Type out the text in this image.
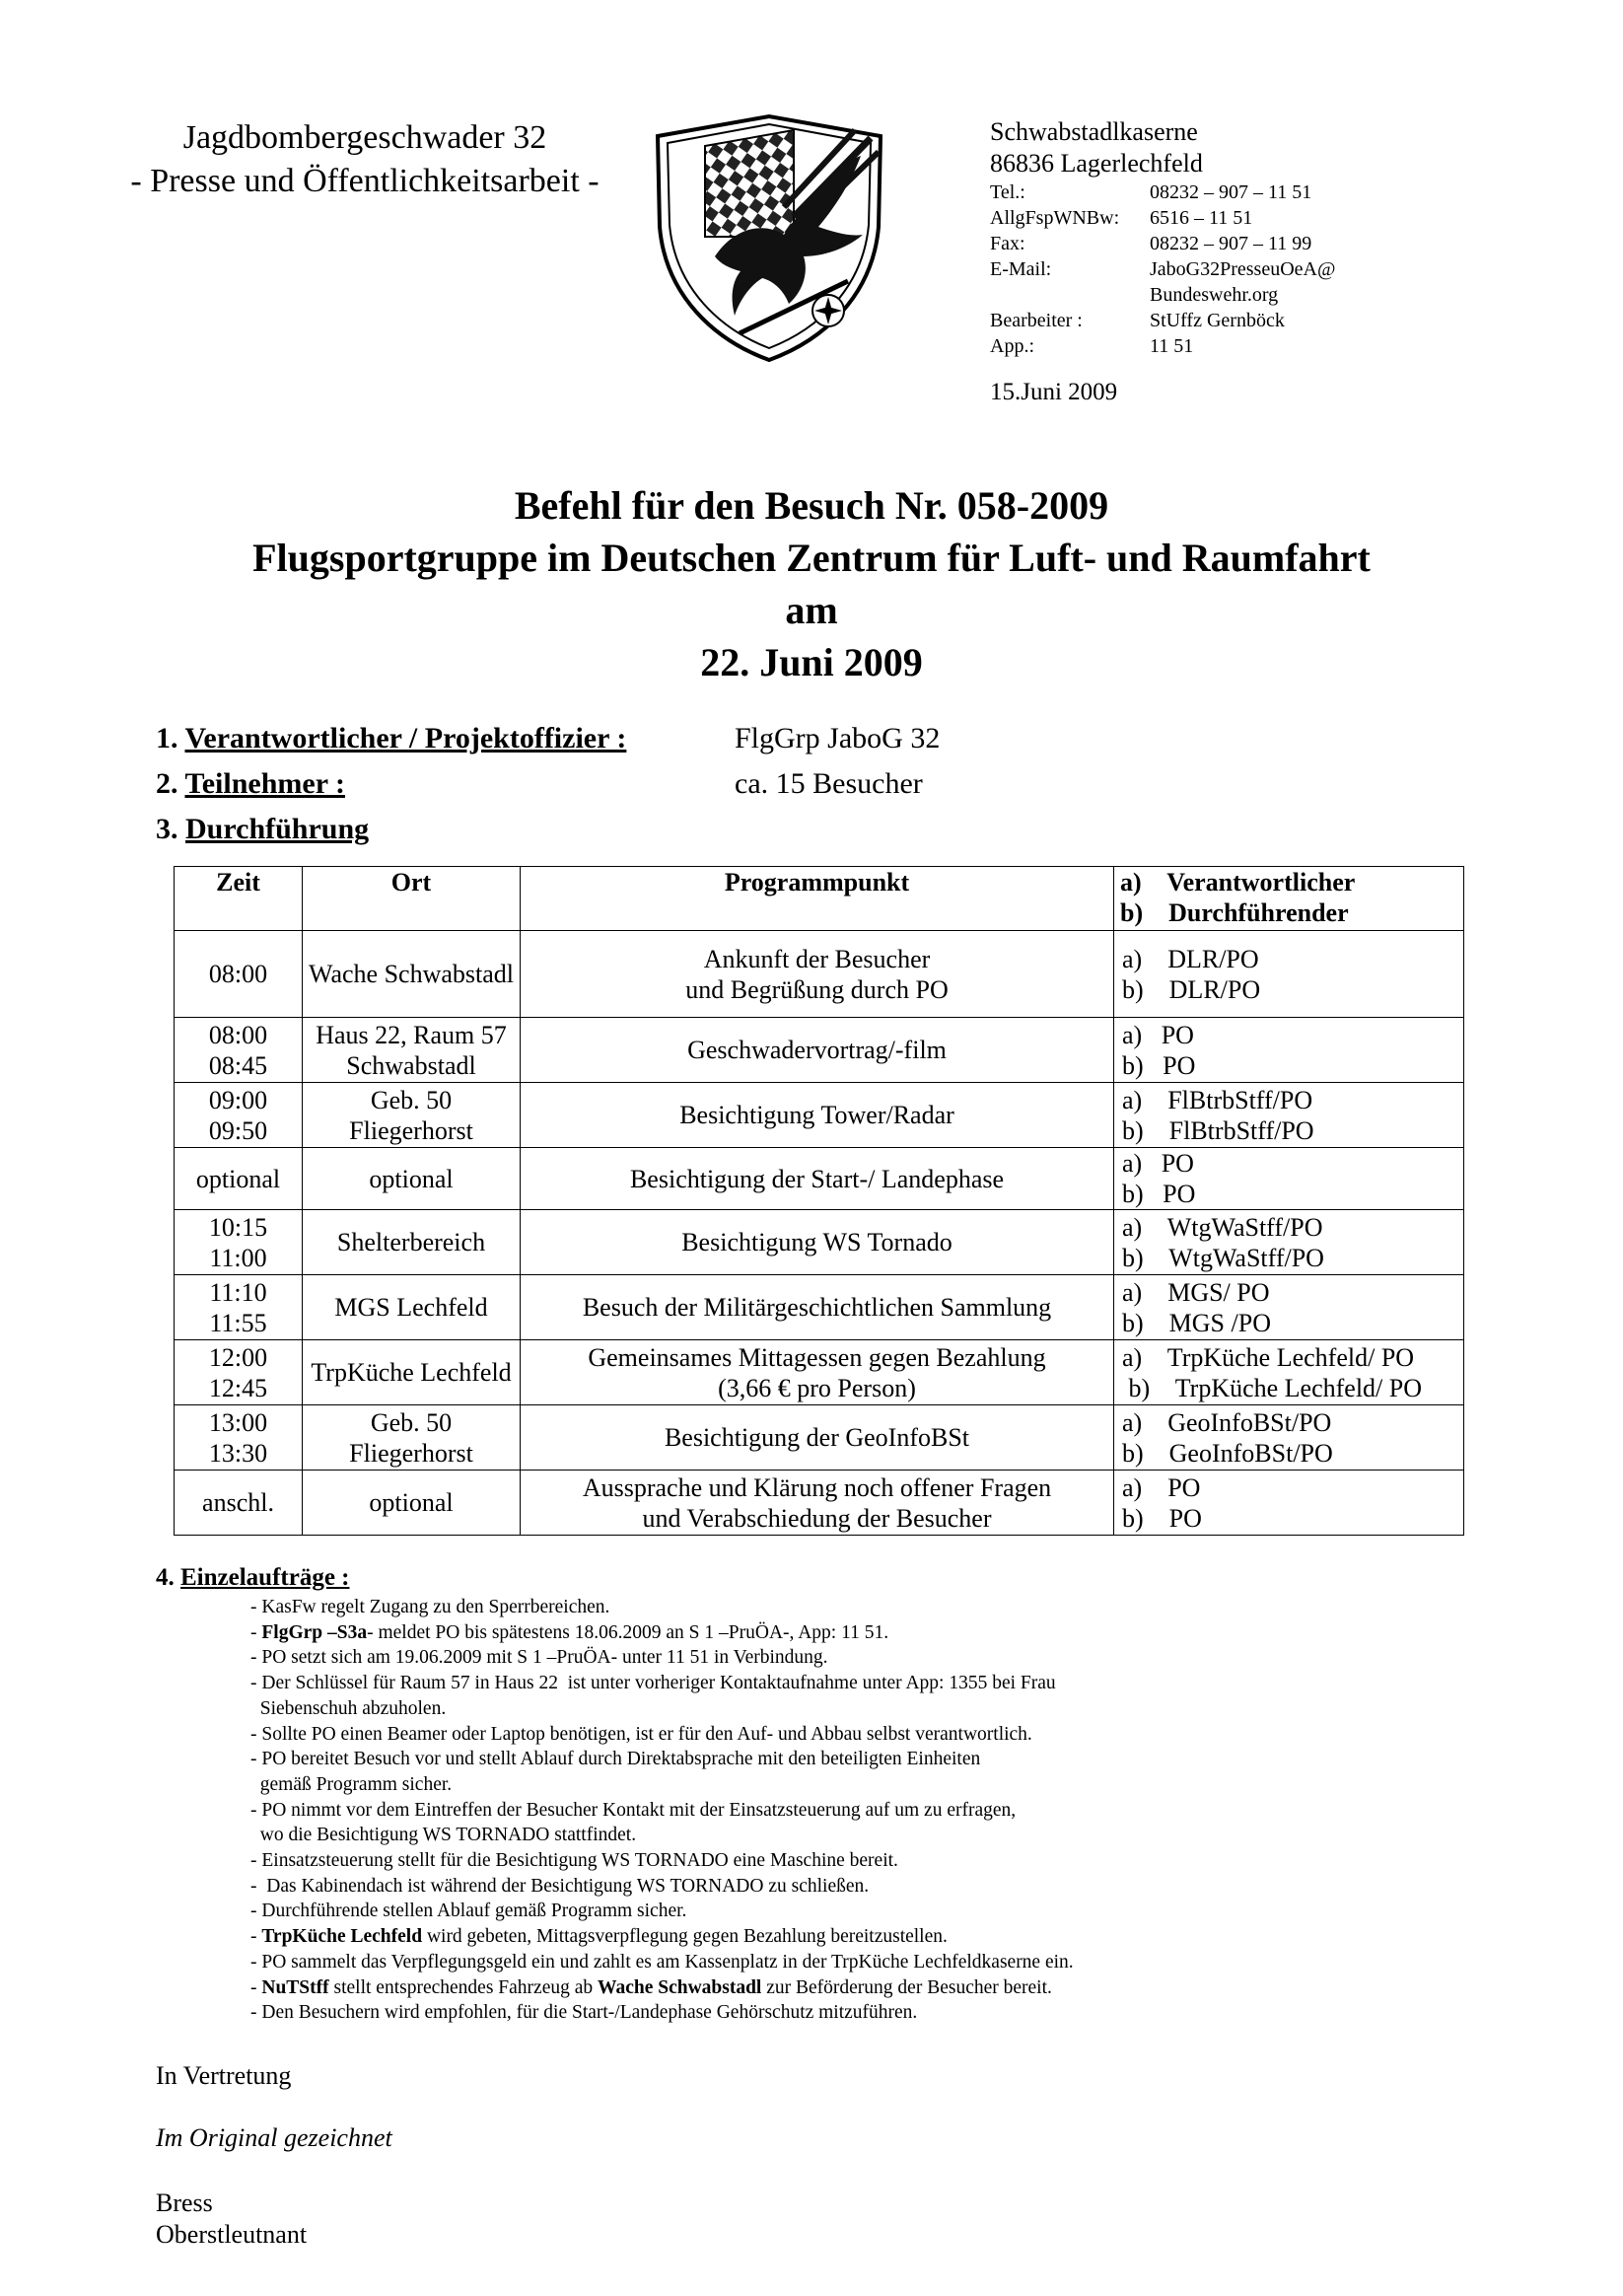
Jagdbombergeschwader 32
- Presse und Öffentlichkeitsarbeit -
Schwabstadlkaserne
86836 Lagerlechfeld
Tel.:	08232 – 907 – 11 51
AllgFspWNBw:	6516 – 11 51
Fax:	08232 – 907 – 11 99
E-Mail:	JaboG32PresseuOeA@
Bundeswehr.org
Bearbeiter :	StUffz Gernböck
App.:	11 51
15.Juni 2009
Befehl für den Besuch Nr. 058-2009
Flugsportgruppe im Deutschen Zentrum für Luft- und Raumfahrt
am
22. Juni 2009
1. Verantwortlicher / Projektoffizier :	FlgGrp JaboG 32
2. Teilnehmer :	ca. 15 Besucher
3. Durchführung
Zeit	Ort	Programmpunkt	a)    Verantwortlicher
b)    Durchführender

08:00	Wache Schwabstadl	Ankunft der Besucher
und Begrüßung durch PO	a)    DLR/PO
b)    DLR/PO

08:00
08:45	Haus 22, Raum 57
Schwabstadl	Geschwadervortrag/-film	a)   PO
b)   PO

09:00
09:50	Geb. 50
Fliegerhorst	Besichtigung Tower/Radar	a)    FlBtrbStff/PO
b)    FlBtrbStff/PO

optional	optional	Besichtigung der Start-/ Landephase	a)   PO
b)   PO

10:15
11:00	Shelterbereich	Besichtigung WS Tornado	a)    WtgWaStff/PO
b)    WtgWaStff/PO

11:10
11:55	MGS Lechfeld	Besuch der Militärgeschichtlichen Sammlung	a)    MGS/ PO
b)    MGS /PO

12:00
12:45	TrpKüche Lechfeld	Gemeinsames Mittagessen gegen Bezahlung
(3,66 € pro Person)	a)    TrpKüche Lechfeld/ PO
b)    TrpKüche Lechfeld/ PO

13:00
13:30	Geb. 50
Fliegerhorst	Besichtigung der GeoInfoBSt	a)    GeoInfoBSt/PO
b)    GeoInfoBSt/PO

anschl.	optional	Aussprache und Klärung noch offener Fragen
und Verabschiedung der Besucher	a)    PO
b)    PO
4. Einzelaufträge :
- KasFw regelt Zugang zu den Sperrbereichen.
- FlgGrp –S3a- meldet PO bis spätestens 18.06.2009 an S 1 –PruÖA-, App: 11 51.
- PO setzt sich am 19.06.2009 mit S 1 –PruÖA- unter 11 51 in Verbindung.
- Der Schlüssel für Raum 57 in Haus 22  ist unter vorheriger Kontaktaufnahme unter App: 1355 bei Frau
Siebenschuh abzuholen.
- Sollte PO einen Beamer oder Laptop benötigen, ist er für den Auf- und Abbau selbst verantwortlich.
- PO bereitet Besuch vor und stellt Ablauf durch Direktabsprache mit den beteiligten Einheiten
gemäß Programm sicher.
- PO nimmt vor dem Eintreffen der Besucher Kontakt mit der Einsatzsteuerung auf um zu erfragen,
wo die Besichtigung WS TORNADO stattfindet.
- Einsatzsteuerung stellt für die Besichtigung WS TORNADO eine Maschine bereit.
-  Das Kabinendach ist während der Besichtigung WS TORNADO zu schließen.
- Durchführende stellen Ablauf gemäß Programm sicher.
- TrpKüche Lechfeld wird gebeten, Mittagsverpflegung gegen Bezahlung bereitzustellen.
- PO sammelt das Verpflegungsgeld ein und zahlt es am Kassenplatz in der TrpKüche Lechfeldkaserne ein.
- NuTStff stellt entsprechendes Fahrzeug ab Wache Schwabstadl zur Beförderung der Besucher bereit.
- Den Besuchern wird empfohlen, für die Start-/Landephase Gehörschutz mitzuführen.
In Vertretung
Im Original gezeichnet
Bress
Oberstleutnant
